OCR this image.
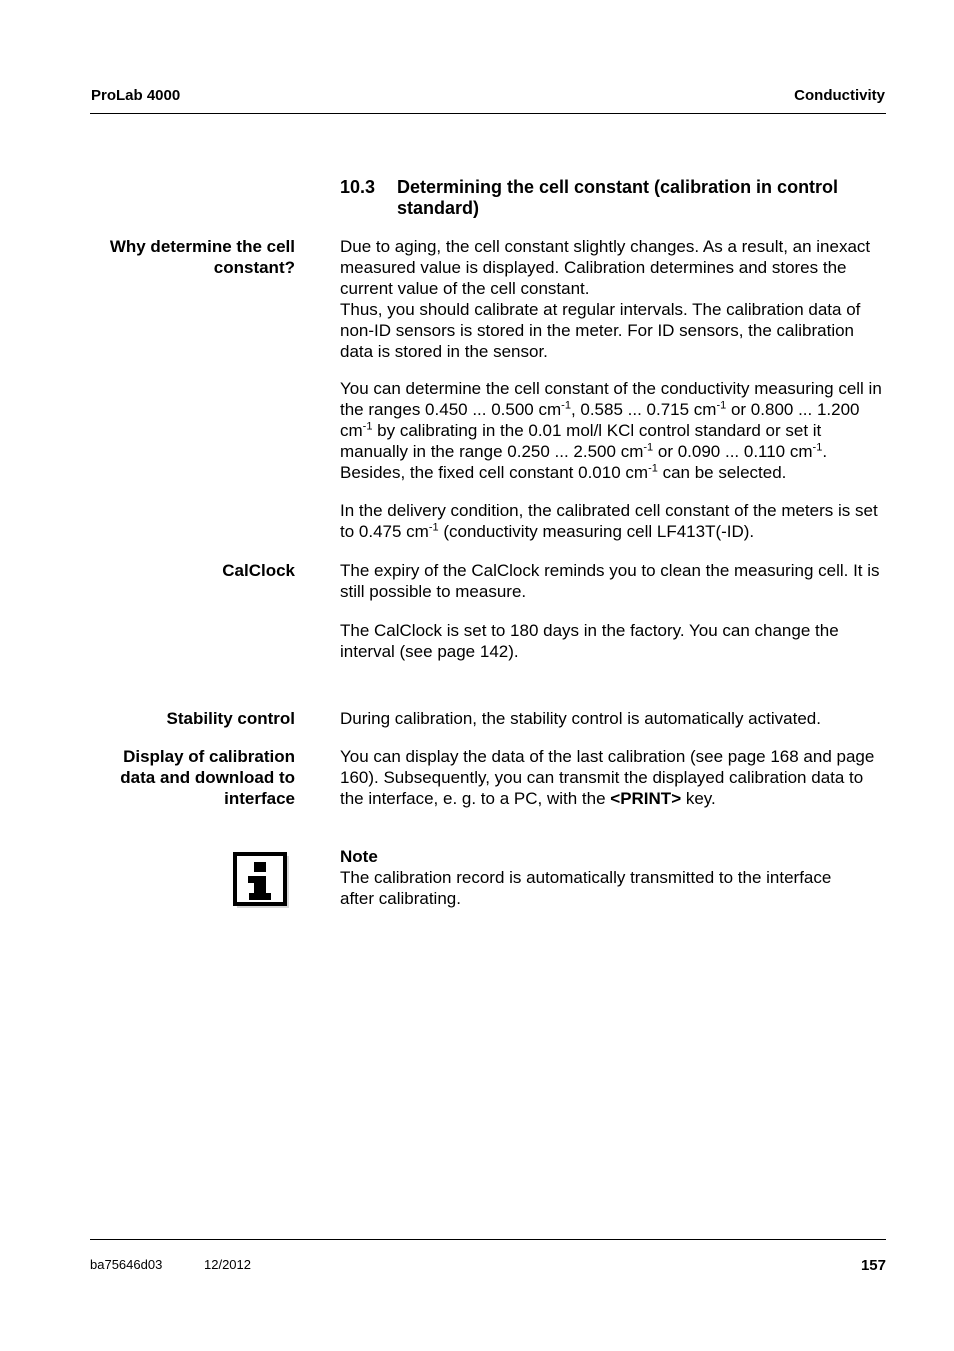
ProLab 4000	Conductivity
10.3 Determining the cell constant (calibration in control standard)
Why determine the cell constant?

Due to aging, the cell constant slightly changes. As a result, an inexact measured value is displayed. Calibration determines and stores the current value of the cell constant.

Thus, you should calibrate at regular intervals. The calibration data of non-ID sensors is stored in the meter. For ID sensors, the calibration data is stored in the sensor.

You can determine the cell constant of the conductivity measuring cell in the ranges 0.450 ... 0.500 $cm^{-1}$, 0.585 ... 0.715 $cm^{-1}$ or 0.800 ... 1.200 $cm^{-1}$ by calibrating in the 0.01 mol/l KCl control standard or set it manually in the range 0.250 ... 2.500 $cm^{-1}$ or 0.090 ... 0.110 $cm^{-1}$. Besides, the fixed cell constant 0.010 $cm^{-1}$ can be selected.

In the delivery condition, the calibrated cell constant of the meters is set to 0.475 $cm^{-1}$ (conductivity measuring cell LF413T(-ID).

CalClock	The expiry of the CalClock reminds you to clean the measuring cell. It is still possible to measure.
The CalClock is set to 180 days in the factory. You can change the interval (see page 142).
Stability control	During calibration, the stability control is automatically activated.
Display of calibration data and download to interface

You can display the data of the last calibration (see page 168 and page 160). Subsequently, you can transmit the displayed calibration data to the interface, e. g. to a PC, with the <PRINT> key.

Note

The calibration record is automatically transmitted to the interface after calibrating.

ba75646d03	12/2012	157
